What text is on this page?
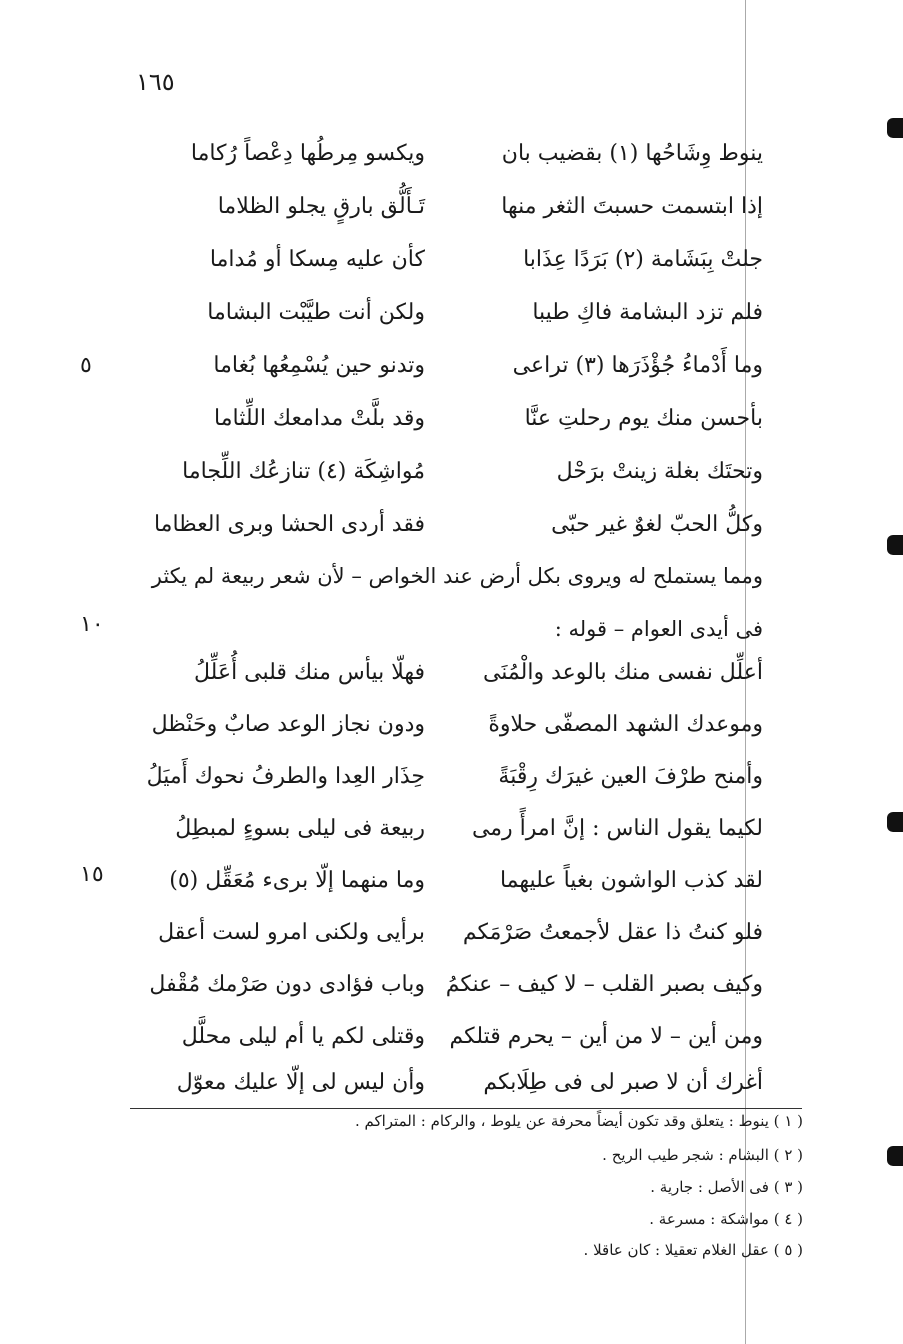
١٦٥
ينوط وِشَاحُها (١) بقضيب بان
ويكسو مِرطُها دِعْصاً رُكاما
إذا ابتسمت حسبتَ الثغر منها
تَـأَلُّق بارقٍ يجلو الظلاما
جلتْ بِبَشَامة (٢) بَرَدًا عِذَابا
كأن عليه مِسكا أو مُداما
فلم تزد البشامة فاكِ طيبا
ولكن أنت طيَّبْت البشاما
وما أَدْماءُ جُؤْذَرَها (٣) تراعى
وتدنو حين يُسْمِعُها بُغاما
٥
بأحسن منك يوم رحلتِ عنَّا
وقد بلَّتْ مدامعك اللِّثاما
وتحتَك بغلة زينتْ برَحْل
مُواشِكَة (٤) تنازعُك اللِّجاما
وكلُّ الحبّ لغوٌ غير حبّى
فقد أردى الحشا وبرى العظاما
ومما يستملح له ويروى بكل أرض عند الخواص – لأن شعر ربيعة لم يكثر
فى أيدى العوام – قوله :
١٠
أعلِّل نفسى منك بالوعد والْمُنَى
فهلّا بيأس منك قلبى أُعَلِّلُ
وموعدك الشهد المصفّى حلاوةً
ودون نجاز الوعد صابٌ وحَنْظل
وأمنح طرْفَ العين غيرَك رِقْبَةً
حِذَار العِدا والطرفُ نحوك أَميَلُ
لكيما يقول الناس : إنَّ امرأً رمى
ربيعة فى ليلى بسوءٍ لمبطِلُ
لقد كذب الواشون بغياً عليهما
وما منهما إلّا برىء مُعَقِّل (٥)
١٥
فلو كنتُ ذا عقل لأجمعتُ صَرْمَكم
برأيى ولكنى امرو لست أعقل
وكيف بصبر القلب – لا كيف – عنكمُ
وباب فؤادى دون صَرْمك مُقْفل
ومن أين – لا من أين – يحرم قتلكم
وقتلى لكم يا أم ليلى محلَّل
أغرك أن لا صبر لى فى طِلَابكم
وأن ليس لى إلّا عليك معوّل
( ١ ) ينوط : يتعلق وقد تكون أيضاً محرفة عن يلوط ، والركام : المتراكم .
( ٢ ) البشام : شجر طيب الريح .
( ٣ ) فى الأصل : جارية .
( ٤ ) مواشكة : مسرعة .
( ٥ ) عقل الغلام تعقيلا : كان عاقلا .
